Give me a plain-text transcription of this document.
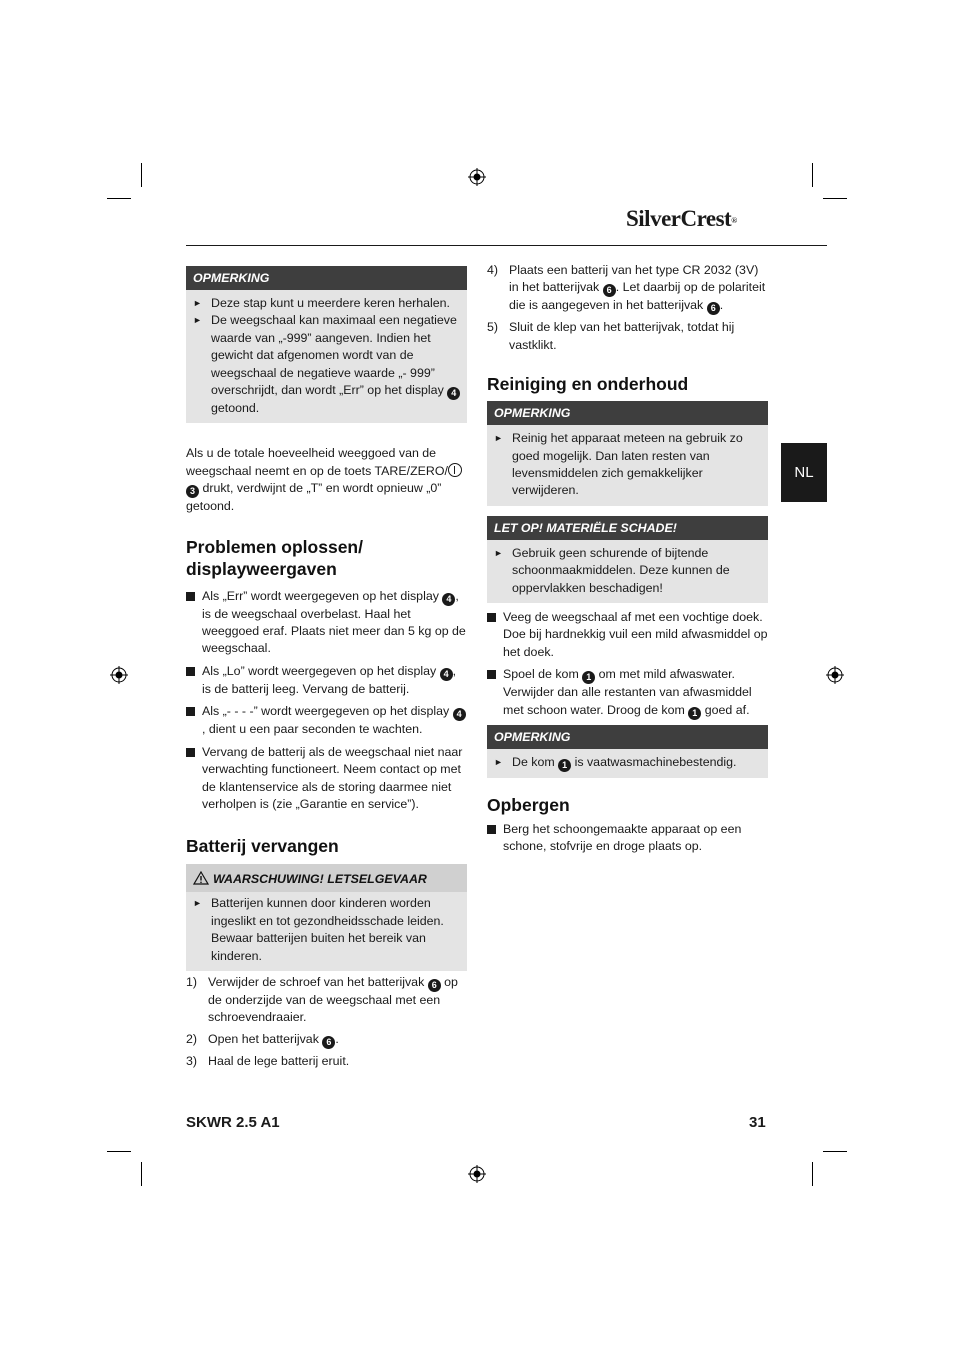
SilverCrest®
NL
OPMERKING
► Deze stap kunt u meerdere keren herhalen.
► De weegschaal kan maximaal een negatieve waarde van „-999” aangeven. Indien het gewicht dat afgenomen wordt van de weegschaal de negatieve waarde „- 999” overschrijdt, dan wordt „Err” op het display 4 getoond.

Als u de totale hoeveelheid weeggoed van de weegschaal neemt en op de toets TARE/ZERO/ 3 drukt, verdwijnt de „T” en wordt opnieuw „0” getoond.

Problemen oplossen/ displayweergaven
Als „Err” wordt weergegeven op het display 4 , is de weegschaal overbelast. Haal het weeggoed eraf. Plaats niet meer dan 5 kg op de weegschaal.
Als „Lo” wordt weergegeven op het display 4 , is de batterij leeg. Vervang de batterij.
Als „- - - -” wordt weergegeven op het display 4, dient u een paar seconden te wachten.
Vervang de batterij als de weegschaal niet naar verwachting functioneert. Neem contact op met de klantenservice als de storing daarmee niet verholpen is (zie „Garantie en service”).
Batterij vervangen
WAARSCHUWING! LETSELGEVAAR
► Batterijen kunnen door kinderen worden ingeslikt en tot gezondheidsschade leiden. Bewaar batterijen buiten het bereik van kinderen.
1) Verwijder de schroef van het batterijvak 6 op de onderzijde van de weegschaal met een schroevendraaier.
2) Open het batterijvak 6 .
3) Haal de lege batterij eruit.
4) Plaats een batterij van het type CR 2032 (3V) in het batterijvak 6 . Let daarbij op de polariteit die is aangegeven in het batterijvak 6 .
5) Sluit de klep van het batterijvak, totdat hij vastklikt.
Reiniging en onderhoud
OPMERKING
► Reinig het apparaat meteen na gebruik zo goed mogelijk. Dan laten resten van levensmiddelen zich gemakkelijker verwijderen.
LET OP! MATERIËLE SCHADE!
► Gebruik geen schurende of bijtende schoonmaakmiddelen. Deze kunnen de oppervlakken beschadigen!
Veeg de weegschaal af met een vochtige doek. Doe bij hardnekkig vuil een mild afwasmiddel op het doek.
Spoel de kom 1 om met mild afwaswater. Verwijder dan alle restanten van afwasmiddel met schoon water. Droog de kom 1 goed af.
OPMERKING
► De kom 1 is vaatwasmachinebestendig.
Opbergen
Berg het schoongemaakte apparaat op een schone, stofvrije en droge plaats op.
SKWR 2.5 A1	31
